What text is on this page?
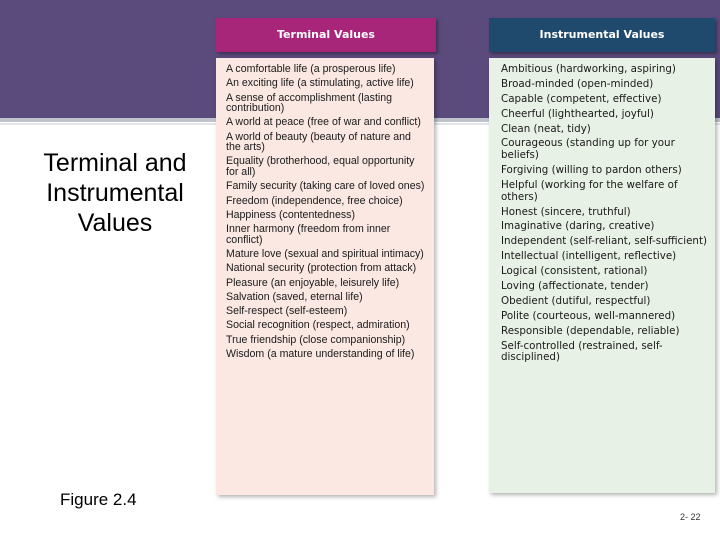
Terminal and Instrumental Values
Figure 2.4
2- 22
Terminal Values
A comfortable life (a prosperous life)
An exciting life (a stimulating, active life)
A sense of accomplishment (lasting contribution)
A world at peace (free of war and conflict)
A world of beauty (beauty of nature and the arts)
Equality (brotherhood, equal opportunity for all)
Family security (taking care of loved ones)
Freedom (independence, free choice)
Happiness (contentedness)
Inner harmony (freedom from inner conflict)
Mature love (sexual and spiritual intimacy)
National security (protection from attack)
Pleasure (an enjoyable, leisurely life)
Salvation (saved, eternal life)
Self-respect (self-esteem)
Social recognition (respect, admiration)
True friendship (close companionship)
Wisdom (a mature understanding of life)
Instrumental Values
Ambitious (hardworking, aspiring)
Broad-minded (open-minded)
Capable (competent, effective)
Cheerful (lighthearted, joyful)
Clean (neat, tidy)
Courageous (standing up for your beliefs)
Forgiving (willing to pardon others)
Helpful (working for the welfare of others)
Honest (sincere, truthful)
Imaginative (daring, creative)
Independent (self-reliant, self-sufficient)
Intellectual (intelligent, reflective)
Logical (consistent, rational)
Loving (affectionate, tender)
Obedient (dutiful, respectful)
Polite (courteous, well-mannered)
Responsible (dependable, reliable)
Self-controlled (restrained, self-disciplined)
